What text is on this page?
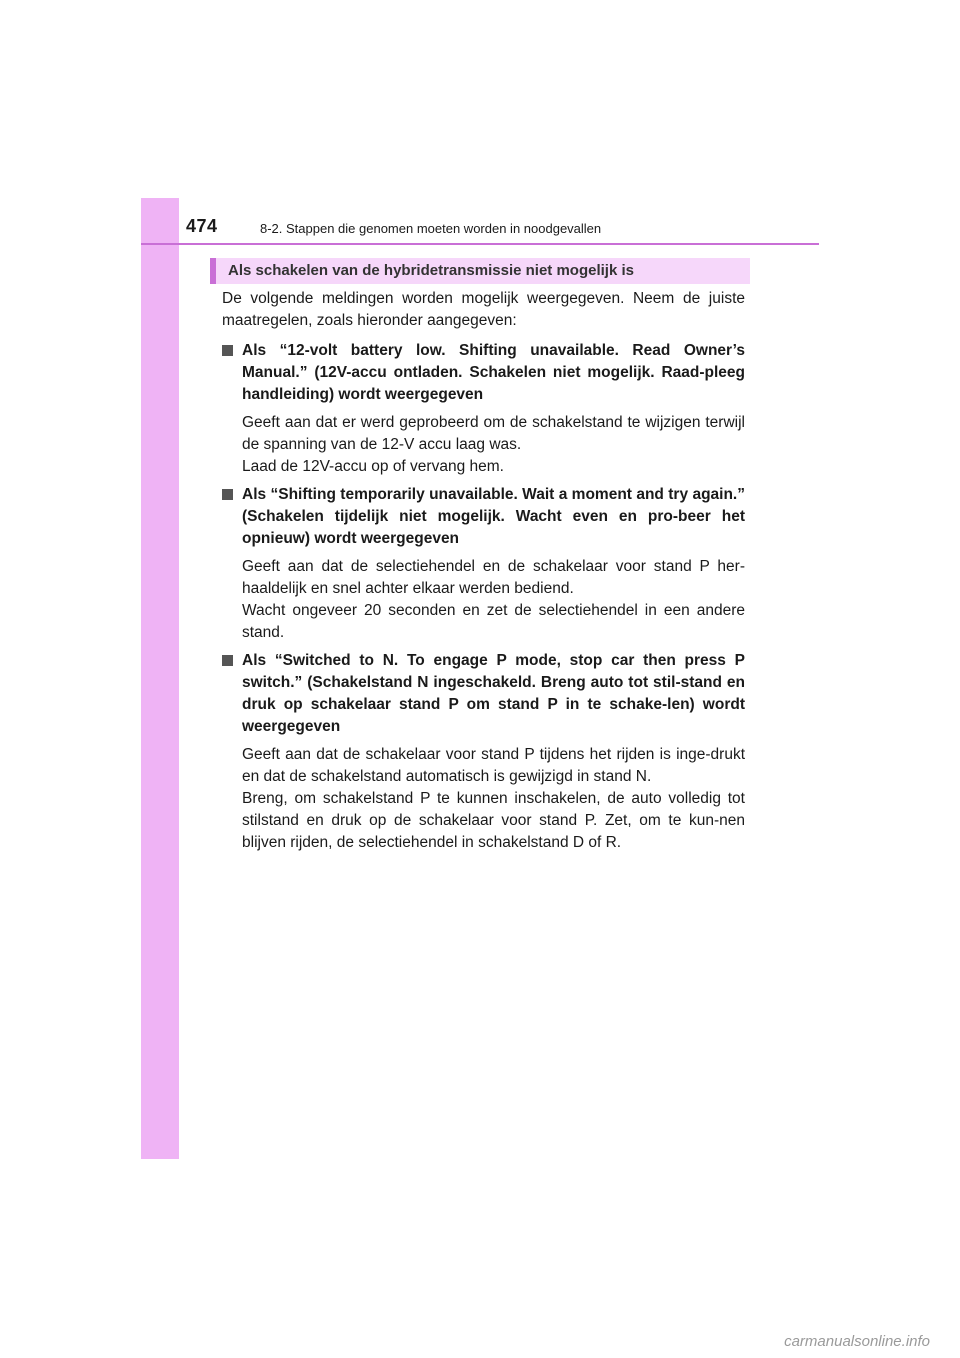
474	8-2. Stappen die genomen moeten worden in noodgevallen
Als schakelen van de hybridetransmissie niet mogelijk is

De volgende meldingen worden mogelijk weergegeven. Neem de juiste maatregelen, zoals hieronder aangegeven:

Als “12-volt battery low. Shifting unavailable. Read Owner’s Manual.” (12V-accu ontladen. Schakelen niet mogelijk. Raad-pleeg handleiding) wordt weergegeven

Geeft aan dat er werd geprobeerd om de schakelstand te wijzigen terwijl de spanning van de 12-V accu laag was.

Laad de 12V-accu op of vervang hem.

Als “Shifting temporarily unavailable. Wait a moment and try again.” (Schakelen tijdelijk niet mogelijk. Wacht even en pro-beer het opnieuw) wordt weergegeven

Geeft aan dat de selectiehendel en de schakelaar voor stand P her-haaldelijk en snel achter elkaar werden bediend.

Wacht ongeveer 20 seconden en zet de selectiehendel in een andere stand.

Als “Switched to N. To engage P mode, stop car then press P switch.” (Schakelstand N ingeschakeld. Breng auto tot stil-stand en druk op schakelaar stand P om stand P in te schake-len) wordt weergegeven

Geeft aan dat de schakelaar voor stand P tijdens het rijden is inge-drukt en dat de schakelstand automatisch is gewijzigd in stand N.

Breng, om schakelstand P te kunnen inschakelen, de auto volledig tot stilstand en druk op de schakelaar voor stand P. Zet, om te kun-nen blijven rijden, de selectiehendel in schakelstand D of R.

carmanualsonline.info
